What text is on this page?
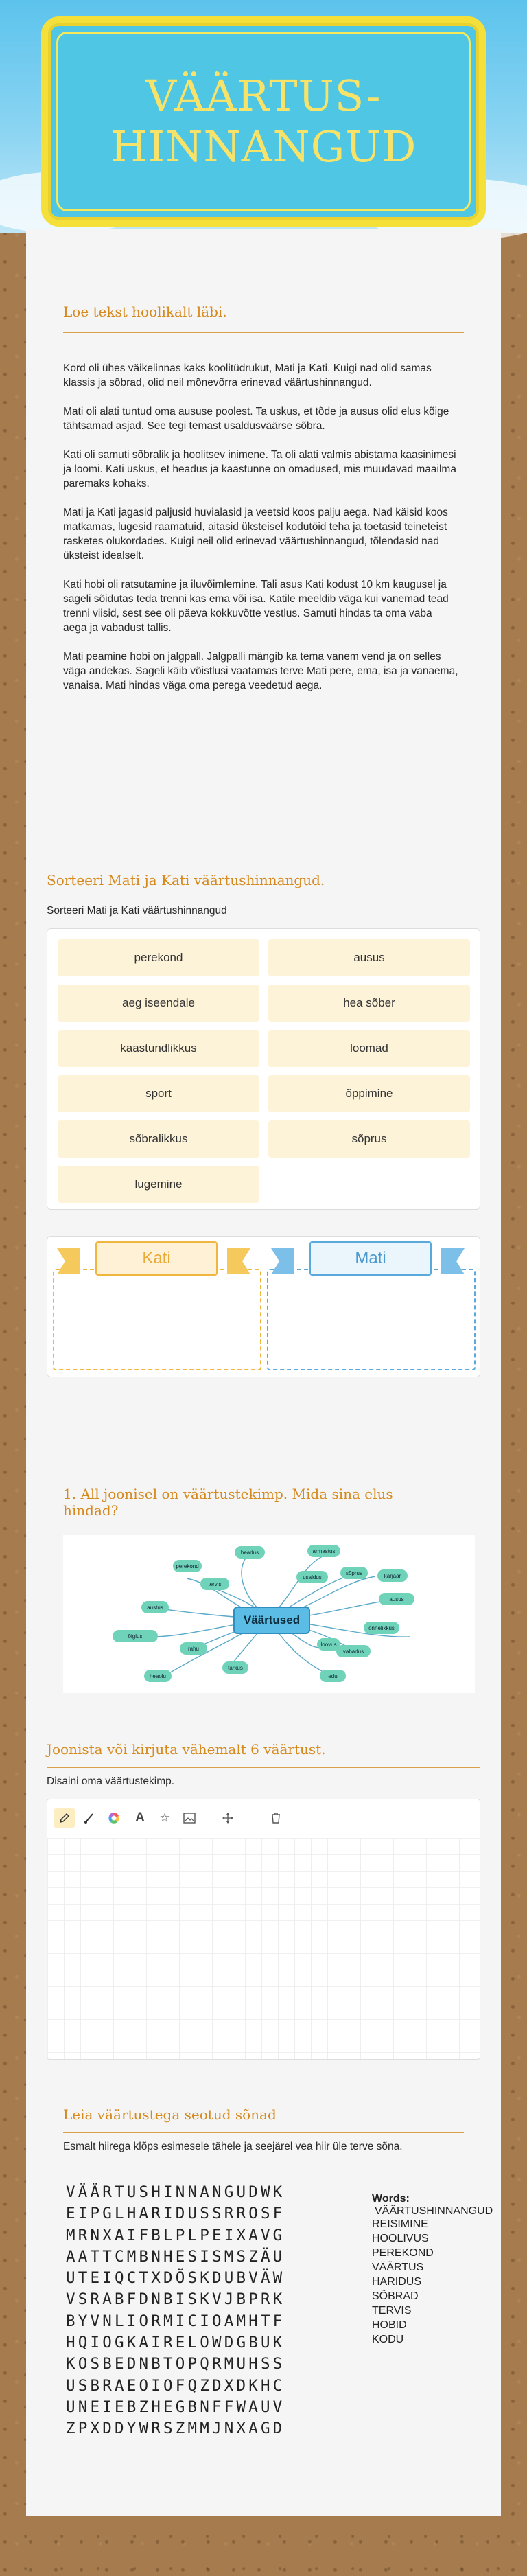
VÄÄRTUS-
HINNANGUD
Loe tekst hoolikalt läbi.

Kord oli ühes väikelinnas kaks koolitüdrukut, Mati ja Kati. Kuigi nad olid samas klassis ja sõbrad, olid neil mõnevõrra erinevad väärtushinnangud.

Mati oli alati tuntud oma aususe poolest. Ta uskus, et tõde ja ausus olid elus kõige tähtsamad asjad. See tegi temast usaldusväärse sõbra.

Kati oli samuti sõbralik ja hoolitsev inimene. Ta oli alati valmis abistama kaasinimesi ja loomi. Kati uskus, et headus ja kaastunne on omadused, mis muudavad maailma paremaks kohaks.

Mati ja Kati jagasid paljusid huvialasid ja veetsid koos palju aega. Nad käisid koos matkamas, lugesid raamatuid, aitasid üksteisel kodutöid teha ja toetasid teineteist rasketes olukordades. Kuigi neil olid erinevad väärtushinnangud, tõlendasid nad üksteist idealselt.

Kati hobi oli ratsutamine ja iluvõimlemine. Tali asus Kati kodust 10 km kaugusel ja sageli sõidutas teda trenni kas ema või isa. Katile meeldib väga kui vanemad tead trenni viisid, sest see oli päeva kokkuvõtte vestlus. Samuti hindas ta oma vaba aega ja vabadust tallis.

Mati peamine hobi on jalgpall. Jalgpalli mängib ka tema vanem vend ja on selles väga andekas. Sageli käib võistlusi vaatamas terve Mati pere, ema, isa ja vanaema, vanaisa. Mati hindas väga oma perega veedetud aega.

Sorteeri Mati ja Kati väärtushinnangud.
Sorteeri Mati ja Kati väärtushinnangud
perekond	ausus
aeg iseendale	hea sõber
kaastundlikkus	loomad
sport	õppimine
sõbralikkus	sõprus
lugemine
Kati	Mati
1. All joonisel on väärtustekimp. Mida sina elus hindad?
Väärtused
headus
perekond
tervis
armastus
usaldus
sõprus	karjäär
ausus
õnnelikkus
vabadus
loovus
edu
tarkus
rahu
õiglus
austus
heaolu
Joonista või kirjuta vähemalt 6 väärtust.
Disaini oma väärtustekimp.
A	☆
Leia väärtustega seotud sõnad
Esmalt hiirega klõps esimesele tähele ja seejärel vea hiir üle terve sõna.
VÄÄRTUSHINNANGUDWK
EIPGLHARIDUSSRROSF
MRNXAIFBLPLPEIXAVG
AATTCMBNHESISMSZÄU
UTEIQCTXDÕSKDUBVÄW
VSRABFDNBISKVJBPRK
BYVNLIORMICIOAMHTF
HQIOGKAIRELOWDGBUK
KOSBEDNBTOPQRMUHSS
USBRAEOIOFQZDXDKHC
UNEIEBZHEGBNFFWAUV
ZPXDDYWRSZMMJNXAGD
Words:
VÄÄRTUSHINNANGUD
REISIMINE
HOOLIVUS
PEREKOND
VÄÄRTUS
HARIDUS
SÕBRAD
TERVIS
HOBID
KODU
